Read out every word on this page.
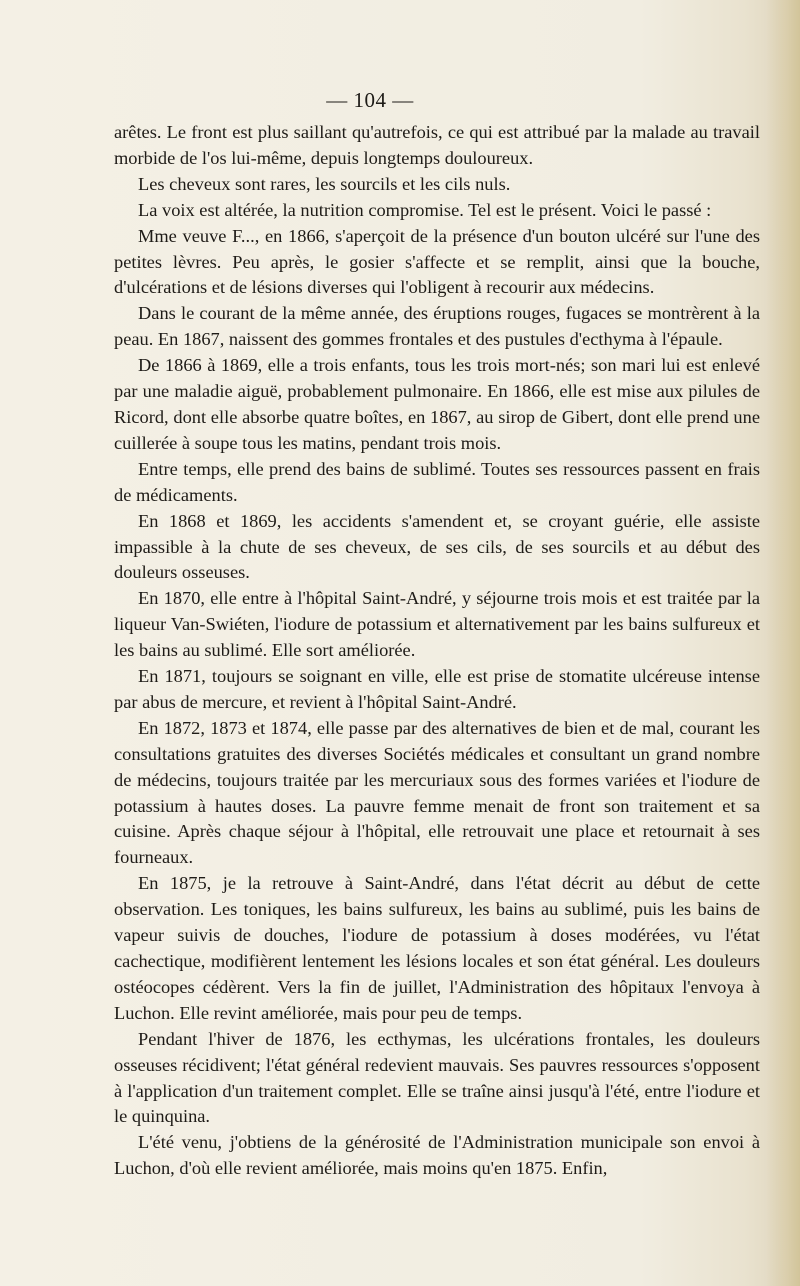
— 104 —

arêtes. Le front est plus saillant qu'autrefois, ce qui est attribué par la malade au travail morbide de l'os lui-même, depuis longtemps douloureux.

Les cheveux sont rares, les sourcils et les cils nuls.

La voix est altérée, la nutrition compromise. Tel est le présent. Voici le passé :

Mme veuve F..., en 1866, s'aperçoit de la présence d'un bouton ulcéré sur l'une des petites lèvres. Peu après, le gosier s'affecte et se remplit, ainsi que la bouche, d'ulcérations et de lésions diverses qui l'obligent à recourir aux médecins.

Dans le courant de la même année, des éruptions rouges, fugaces se montrèrent à la peau. En 1867, naissent des gommes frontales et des pustules d'ecthyma à l'épaule.

De 1866 à 1869, elle a trois enfants, tous les trois mort-nés; son mari lui est enlevé par une maladie aiguë, probablement pulmonaire. En 1866, elle est mise aux pilules de Ricord, dont elle absorbe quatre boîtes, en 1867, au sirop de Gibert, dont elle prend une cuillerée à soupe tous les matins, pendant trois mois.

Entre temps, elle prend des bains de sublimé. Toutes ses ressources passent en frais de médicaments.

En 1868 et 1869, les accidents s'amendent et, se croyant guérie, elle assiste impassible à la chute de ses cheveux, de ses cils, de ses sourcils et au début des douleurs osseuses.

En 1870, elle entre à l'hôpital Saint-André, y séjourne trois mois et est traitée par la liqueur Van-Swiéten, l'iodure de potassium et alternativement par les bains sulfureux et les bains au sublimé. Elle sort améliorée.

En 1871, toujours se soignant en ville, elle est prise de stomatite ulcéreuse intense par abus de mercure, et revient à l'hôpital Saint-André.

En 1872, 1873 et 1874, elle passe par des alternatives de bien et de mal, courant les consultations gratuites des diverses Sociétés médicales et consultant un grand nombre de médecins, toujours traitée par les mercuriaux sous des formes variées et l'iodure de potassium à hautes doses. La pauvre femme menait de front son traitement et sa cuisine. Après chaque séjour à l'hôpital, elle retrouvait une place et retournait à ses fourneaux.

En 1875, je la retrouve à Saint-André, dans l'état décrit au début de cette observation. Les toniques, les bains sulfureux, les bains au sublimé, puis les bains de vapeur suivis de douches, l'iodure de potassium à doses modérées, vu l'état cachectique, modifièrent lentement les lésions locales et son état général. Les douleurs ostéocopes cédèrent. Vers la fin de juillet, l'Administration des hôpitaux l'envoya à Luchon. Elle revint améliorée, mais pour peu de temps.

Pendant l'hiver de 1876, les ecthymas, les ulcérations frontales, les douleurs osseuses récidivent; l'état général redevient mauvais. Ses pauvres ressources s'opposent à l'application d'un traitement complet. Elle se traîne ainsi jusqu'à l'été, entre l'iodure et le quinquina.

L'été venu, j'obtiens de la générosité de l'Administration municipale son envoi à Luchon, d'où elle revient améliorée, mais moins qu'en 1875. Enfin,
